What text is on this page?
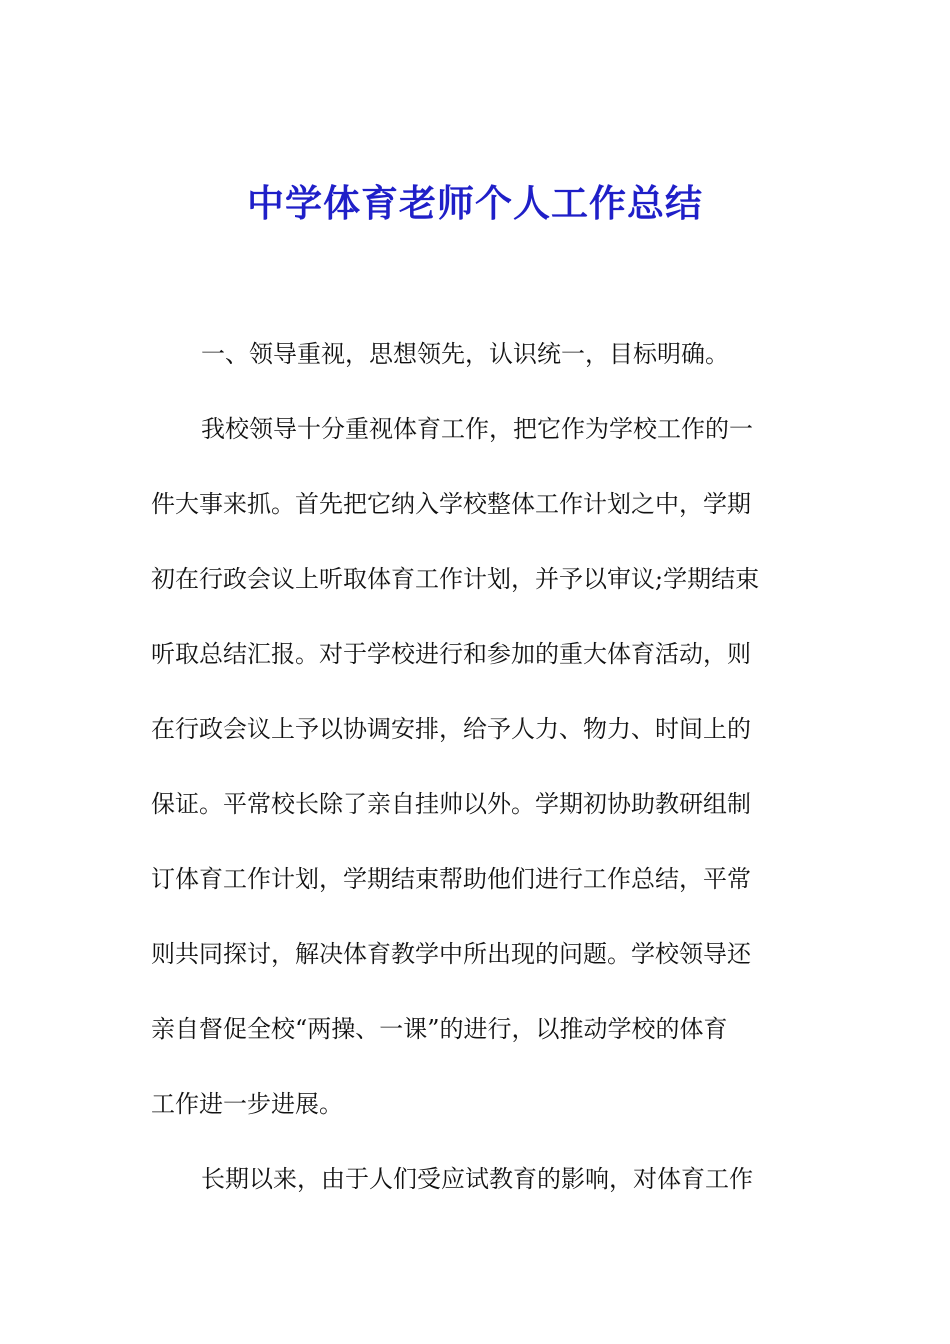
中学体育老师个人工作总结
一、领导重视，思想领先，认识统一，目标明确。
我校领导十分重视体育工作，把它作为学校工作的一
件大事来抓。首先把它纳入学校整体工作计划之中，学期
初在行政会议上听取体育工作计划，并予以审议;学期结束
听取总结汇报。对于学校进行和参加的重大体育活动，则
在行政会议上予以协调安排，给予人力、物力、时间上的
保证。平常校长除了亲自挂帅以外。学期初协助教研组制
订体育工作计划，学期结束帮助他们进行工作总结，平常
则共同探讨，解决体育教学中所出现的问题。学校领导还
亲自督促全校“两操、一课”的进行，以推动学校的体育
工作进一步进展。
长期以来，由于人们受应试教育的影响，对体育工作
